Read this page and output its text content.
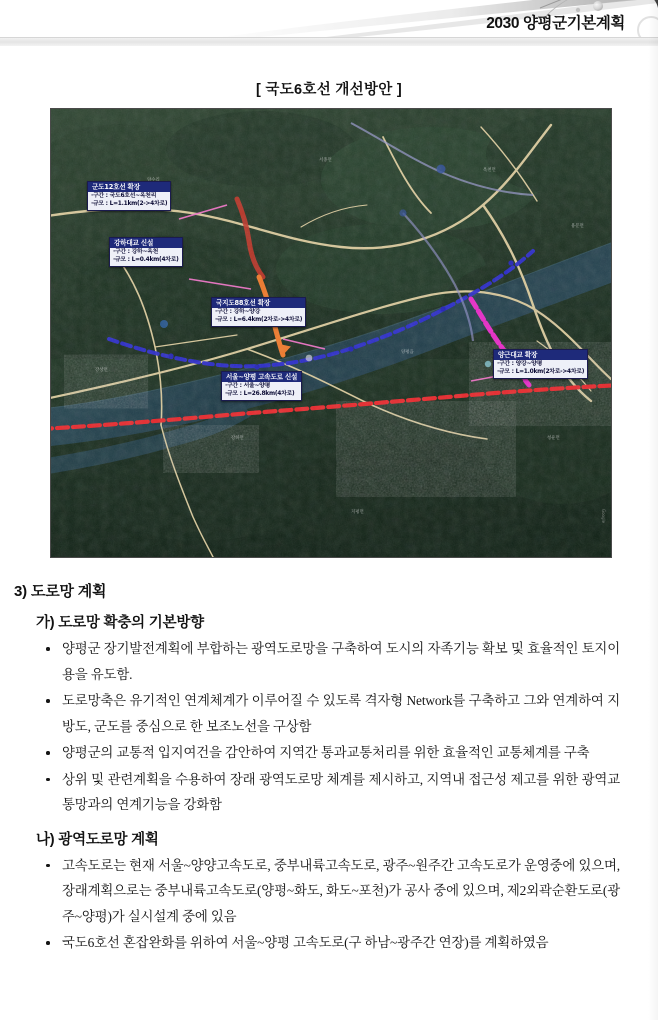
2030 양평군기본계획
[ 국도6호선 개선방안 ]
서종면
옥천면
용문면
양평읍
강하면
지평면
청운면
강상면
Google
군도12호선 확장
·구간 : 국도6호선~옥천리
·규모 : L=1.1km(2->4차로)
강하대교 신설
·구간 : 강하~옥천
·규모 : L=0.4km(4차로)
국지도88호선 확장
·구간 : 강하~양강
·규모 : L=6.4km(2차로->4차로)
서울~양평 고속도로 신설
·구간 : 서울~양평
·규모 : L=26.8km(4차로)
양근대교 확장
·구간 : 양강~양평
·규모 : L=1.0km(2차로->4차로)
3) 도로망 계획
가) 도로망 확충의 기본방향
양평군 장기발전계획에 부합하는 광역도로망을 구축하여 도시의 자족기능 확보 및 효율적인 토지이용을 유도함.
도로망축은 유기적인 연계체계가 이루어질 수 있도록 격자형 Network를 구축하고 그와 연계하여 지방도, 군도를 중심으로 한 보조노선을 구상함
양평군의 교통적 입지여건을 감안하여 지역간 통과교통처리를 위한 효율적인 교통체계를 구축
상위 및 관련계획을 수용하여 장래 광역도로망 체계를 제시하고, 지역내 접근성 제고를 위한 광역교통망과의 연계기능을 강화함
나) 광역도로망 계획
고속도로는 현재 서울~양양고속도로, 중부내륙고속도로, 광주~원주간 고속도로가 운영중에 있으며, 장래계획으로는 중부내륙고속도로(양평~화도, 화도~포천)가 공사 중에 있으며, 제2외곽순환도로(광주~양평)가 실시설계 중에 있음
국도6호선 혼잡완화를 위하여 서울~양평 고속도로(구 하남~광주간 연장)를 계획하였음
